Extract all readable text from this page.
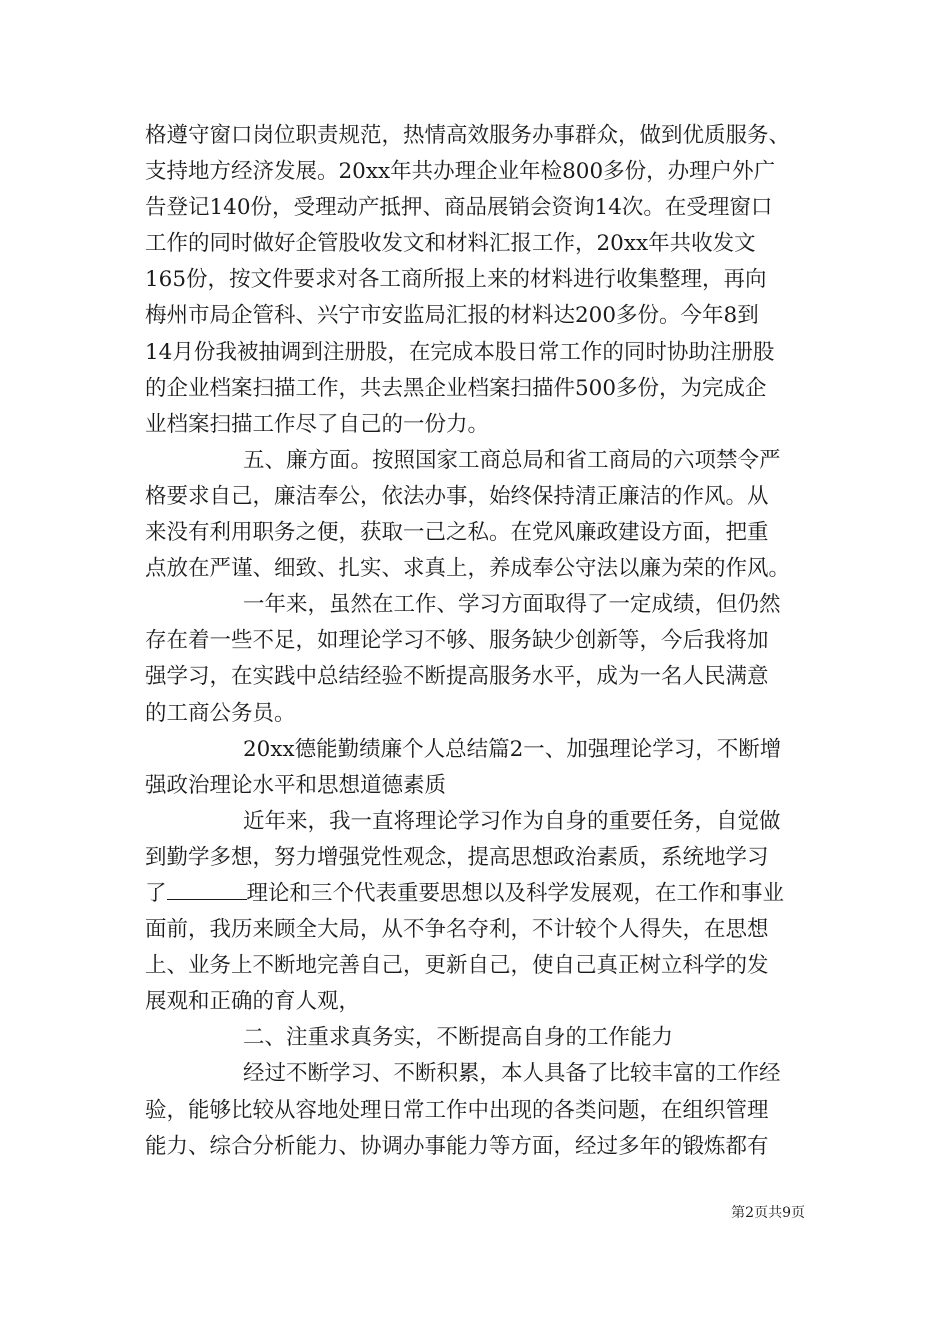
格遵守窗口岗位职责规范，热情高效服务办事群众，做到优质服务、
支持地方经济发展。20xx年共办理企业年检800多份，办理户外广
告登记140份，受理动产抵押、商品展销会资询14次。在受理窗口
工作的同时做好企管股收发文和材料汇报工作，20xx年共收发文
165份，按文件要求对各工商所报上来的材料进行收集整理，再向
梅州市局企管科、兴宁市安监局汇报的材料达200多份。今年8到
14月份我被抽调到注册股，在完成本股日常工作的同时协助注册股
的企业档案扫描工作，共去黑企业档案扫描件500多份，为完成企
业档案扫描工作尽了自己的一份力。
五、廉方面。按照国家工商总局和省工商局的六项禁令严
格要求自己，廉洁奉公，依法办事，始终保持清正廉洁的作风。从
来没有利用职务之便，获取一己之私。在党风廉政建设方面，把重
点放在严谨、细致、扎实、求真上，养成奉公守法以廉为荣的作风。
一年来，虽然在工作、学习方面取得了一定成绩，但仍然
存在着一些不足，如理论学习不够、服务缺少创新等，今后我将加
强学习，在实践中总结经验不断提高服务水平，成为一名人民满意
的工商公务员。
20xx德能勤绩廉个人总结篇2一、加强理论学习，不断增
强政治理论水平和思想道德素质
近年来，我一直将理论学习作为自身的重要任务，自觉做
到勤学多想，努力增强党性观念，提高思想政治素质，系统地学习
了	理论和三个代表重要思想以及科学发展观，在工作和事业
面前，我历来顾全大局，从不争名夺利，不计较个人得失，在思想
上、业务上不断地完善自己，更新自己，使自己真正树立科学的发
展观和正确的育人观，
二、注重求真务实，不断提高自身的工作能力
经过不断学习、不断积累，本人具备了比较丰富的工作经
验，能够比较从容地处理日常工作中出现的各类问题，在组织管理
能力、综合分析能力、协调办事能力等方面，经过多年的锻炼都有
第2页共9页
